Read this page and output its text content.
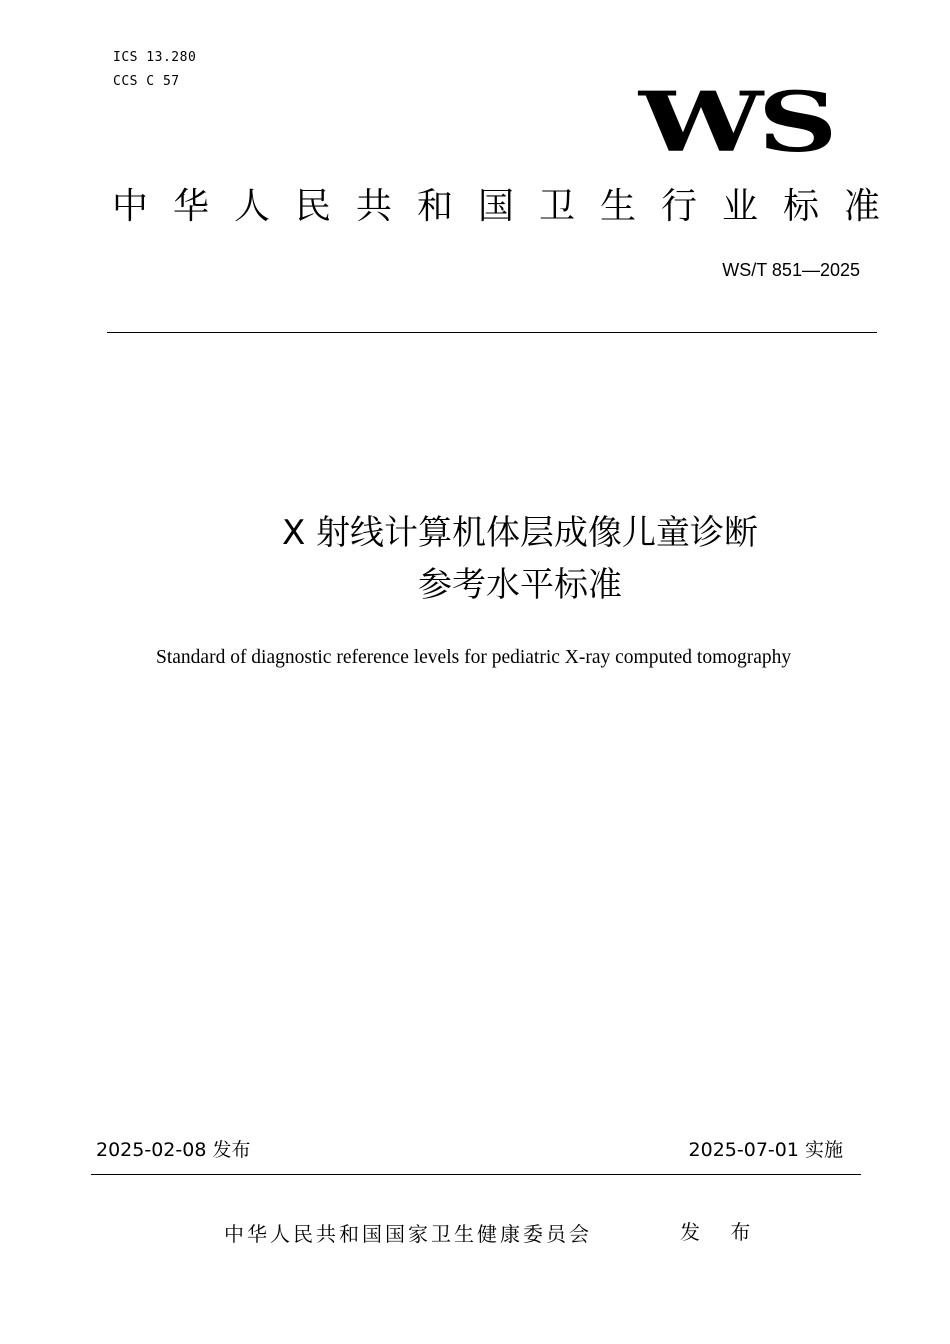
ICS 13.280
CCS C 57	WS
中华人民共和国卫生行业标准
WS/T 851—2025
X 射线计算机体层成像儿童诊断
参考水平标准
Standard of diagnostic reference levels for pediatric X-ray computed tomography
2025-02-08 发布	2025-07-01 实施
中华人民共和国国家卫生健康委员会	发 布
